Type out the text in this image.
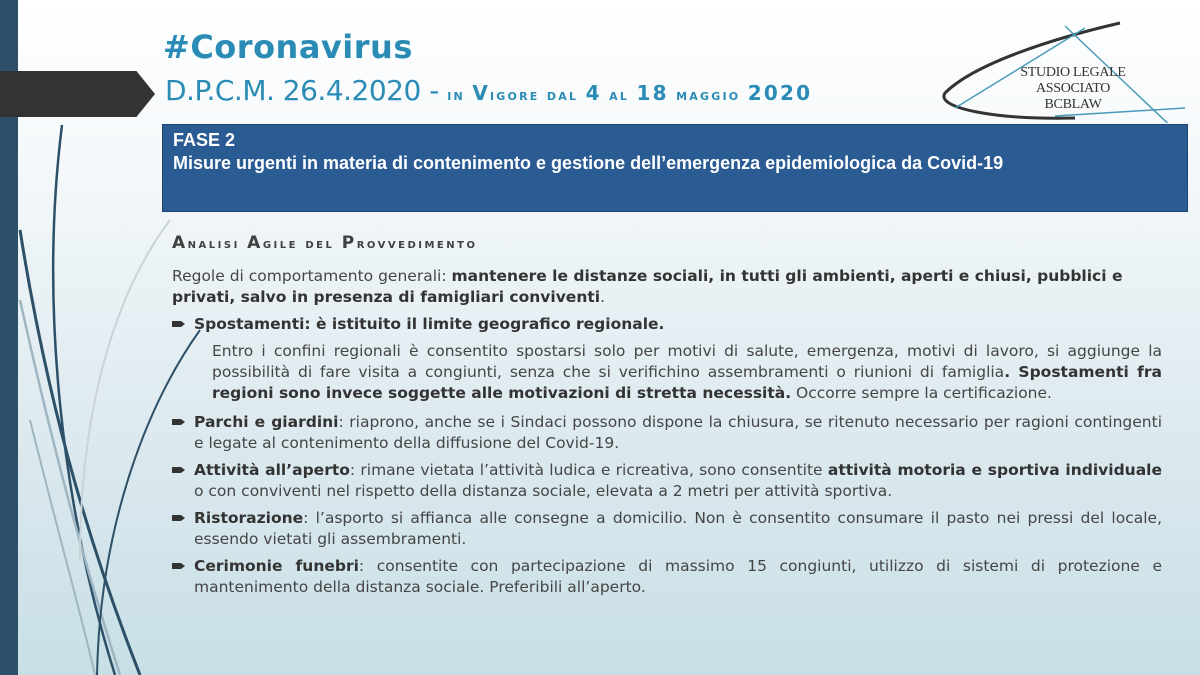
#Coronavirus
D.P.C.M. 26.4.2020 - in Vigore dal 4 al 18 maggio 2020
STUDIO LEGALE ASSOCIATO
BCBLAW
FASE 2
Misure urgenti in materia di contenimento e gestione dell’emergenza epidemiologica da Covid-19
Analisi Agile del Provvedimento

Regole di comportamento generali: mantenere le distanze sociali, in tutti gli ambienti, aperti e chiusi, pubblici e privati, salvo in presenza di famigliari conviventi.

Spostamenti: è istituito il limite geografico regionale.

Entro i confini regionali è consentito spostarsi solo per motivi di salute, emergenza, motivi di lavoro, si aggiunge la possibilità di fare visita a congiunti, senza che si verifichino assembramenti o riunioni di famiglia. Spostamenti fra regioni sono invece soggette alle motivazioni di stretta necessità. Occorre sempre la certificazione.

Parchi e giardini: riaprono, anche se i Sindaci possono dispone la chiusura, se ritenuto necessario per ragioni contingenti e legate al contenimento della diffusione del Covid-19.

Attività all’aperto: rimane vietata l’attività ludica e ricreativa, sono consentite attività motoria e sportiva individuale o con conviventi nel rispetto della distanza sociale, elevata a 2 metri per attività sportiva.

Ristorazione: l’asporto si affianca alle consegne a domicilio. Non è consentito consumare il pasto nei pressi del locale, essendo vietati gli assembramenti.

Cerimonie funebri: consentite con partecipazione di massimo 15 congiunti, utilizzo di sistemi di protezione e mantenimento della distanza sociale. Preferibili all’aperto.
